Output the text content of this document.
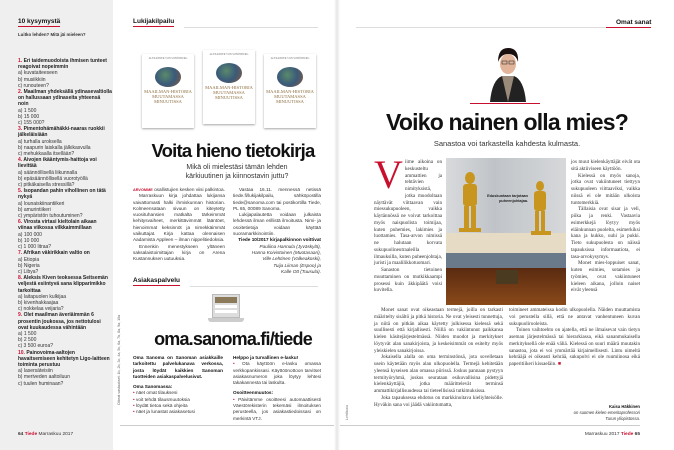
10 kysymystä
Luitko lehden? Mitä jäi mieleen?
1. Eri taidemuodoista ihmisen tunteet reagoivat nopeimmin
a) kuvataiteeseen
b) musiikkiin
c) runouteen?
2. Maailman yhdeksällä ydinasevaltiolla on hallussaan ydinaseita yhteensä noin
a) 1 500
b) 15 000
c) 155 000?
3. Pimentohämähäkki-naaras ruokkii jälkeläisiään
a) turhalla uroksella
b) naapurin laiskalla jälkikasvulla
c) mehukkaalla itsellään?
4. Aivojen ikääntymis-haittoja voi lievittää
a) säännöllisellä liikunnalla
b) epäsäännöllisellä vuorotyöllä
c) pitkäkaisella stressillä?
5. Isopandan pahin vihollinen on tätä nykyä
a) lounaiskiinantiikeri
b) amurintiikeri
c) ympäristön tuhoutuminen?
6. Virosta virtasi kieltolain aikaan viinaa viikossa vilkkaimmillaan
a) 100 000
b) 10 000
c) 1 000 litraa?
7. Afrikan väkirikkain valtio on
a) Etiopia
b) Nigeria
c) Libya?
8. Aleksis Kiven teoksessa Seitsemän veljestä esiintyvä sana klipparimikko tarkoittaa
a) laitapuolen kulkijaa
b) kivenhakkaajaa
c) nokkelaa veijaria?
9. Olet maailman äveriäimmän 6 prosentin joukossa, jos nettotulosi ovat kuukaudessa vähintään
a) 1 500
b) 2 500
c) 3 500 euroa?
10. Painovoima-aaltojen havaitsemiseen kehitetyn Ligo-laitteen toiminta perustuu
a) lasersäteisiin
b) meriveden aaltoiluun
c) tuulen huminaan?	Oikeat vastaukset: 1b, 2b, 3c, 4a, 5c, 6a, 7b, 8a, 9a, 10a
64 Tiede Marraskuu 2017
Lukijakilpailu
ALEXANDER VON SCHÖNBURG
MAAILMAN-HISTORIA MUUTAMASSA MINUUTISSA
ALEXANDER VON SCHÖNBURG
MAAILMAN-HISTORIA MUUTAMASSA MINUUTISSA
ALEXANDER VON SCHÖNBURG
MAAILMAN-HISTORIA MUUTAMASSA MINUUTISSA
Voita hieno tietokirja
Mikä oli mielestäsi tämän lehden kärkiuutinen ja kiinnostavin juttu?

ARVOMME osallistujien kesken viisi palkintoa.

Marraskuun kirja johdattaa lukijansa vaivattomasti halki ihmiskunnan historian. Kolmeensataan sivuun on kiteytetty vuosituhansien matkalta tärkeimmät kehitysvaiheet, merkittävimmät lääntöet, hienoimmat keksinnöt ja nimekkäimmät vaikuttajat. Kirja kattaa olennaisen Aadamista Appleen – ilman nippelitiedoksia.

Ennenkin menestykseen yltäneen saksalaistoimittajan kirja on Arena Kustannuksen uutuuksia.

Vastaa 16.11. mennessä netissä tiede.fi/lukijakilpailu, sähköpostilla tiede@sanoma.com tai postikortilla Tiede, PL 65, 00089 Sanoma.

Lukijapalautetta voidaan julkaista lehdessä ilman erillistä ilmoitusta. Nimi- ja osoitetietoja voidaan käyttää suoramarkkinointiin.

Tiede 10/2017 kirjapalkinnon voittivat

Pauliina Hannula (Jyväskylä),
Hanna Koivistoinen (Muotasaari),
Ville Lehtinen (Valkeakoski),
Tuija Liiman (Espoo) ja
Kalle Ott (Tuusula).
Asiakaspalvelu
oma.sanoma.fi/tiede

Oma Sanoma on Sanoman asiakkaille tarkoitettu palvelukanava verkossa, josta löydät kaikkien Sanoman tuotteiden asiakaspalvelusivut.

Oma Sanomassa:

• näet omat tilauksesi
• voit tehdä tilausmuutoksia
• löydät tietoa sekä ohjeita
• näet ja lunastat asiakasetusi

Helppo ja turvallinen e-lasku!

• Ota käyttöön e-lasku omassa verkkopankissasi. Käyttöönottoon tarvitset asiakasnumeron joka löytyy lehtesi takakannesta tai laskulta.

Osoitteenmuutos:

• Päivitämme osoitteesi automaattisesti Väestörekisterin tekemäsi ilmoituksen perusteella, jos asiakastiedoissasi on merkintä VTJ.

Omat sanat
Lehtikuva
Voiko nainen olla mies?
Sanastoa voi tarkastella kahdesta kulmasta.
V iime aikoina on keskusteltu ammattien ja tehtävien nimityksistä, jotka muodoltaan näyttävät viittaavan vain miessukupuoleen, vaikka käytännössä ne voivat tarkoittaa myös naispuolista toimijaa, kuten puhemies, lakimies ja luottamies. Tasa-arvon nimissä ne halutaan korvata sukupuolineutraaleilla ilmauksilla, kuten puheenjohtaja, juristi ja maalilikkotuomari.

Sanaston tietoinen muuttaminen on mutkikkaampi prosessi kuin äkkipäätä voisi kuvitella.

Eduskuntaan tarjotaan puheenjohtajaa.

jos muut kielenkäyttäjät eivät ota sitä aktiiviseen käyttöön.

Kielessä on myös sanoja, jotka ovat vakiintuneet tiettyyn sukupuoleen viittaaviksi, vaikka niissä ei ole mitään ulkoista tuntomerkkiä.

Tällaisia ovat sisar ja veli, piika ja renki. Vastaavia esimerkkejä löytyy myös eläinkunnan puolelta, esimerkiksi kana ja kukko, uuhi ja pukki. Tieto sukupuolesta on näissä tapauksissa informaatiota, ei tasa-arvokysymys.

Monet mies-loppuiset sanat, kuten esimies, sotamies ja työmies, ovat vakiintuneet kieleen aikana, jolloin naiset eivät yleensä

Monet sanat ovat oikeastaan termejä, joilla on tarkasti määritelty sisältö ja pitkä historia. Ne ovat yleisesti tunnettuja, ja niitä on pitkän aikaa käytetty julkisessa kielessä sekä suullisesti että kirjallisesti. Niillä on vakiintunut paikkansa kielen käsitejärjestelmässä. Niiden muodot ja merkitykset löytyvät alan sanakirjoista, ja keskeisimmät on esitelty myös yleiskielen sanakirjoissa.

Jokaisella alalla on oma terminstönsä, jota sovelletaan usein käytetään myös alan ulkopuolella. Termejä kehitetään yleensä kyseisen alan omassa piirissä. Joskus pannaan pystyyn termityöryhmä, joskus seurataan esikuvallisina pidettyjä kielenkäyttäjiä, jotka määrittelevät terminsä ammattikirjallisuudessa tai tieteellisissä tutkimuksissa.

Joka tapauksessa ehdotus on markkinoitava kieliyhteisölle. Hyväkin sana voi jäädä vakiintumatta,

toimineet ammateissa kodin ulkopuolella. Näiden muuttamista voi perustella sillä, että ne antavat vanhentuneen kuvan sukupuolirooleista.

Toinen vaihtoehto on ajatella, että ne ilmaisevat vain tietyn aseman järjestelmässä tai hierarkiassa, eikä sananmukaisella merkityksellä ole enää väliä. Kielessä on suuri määrä muutakin sanastoa, jota ei voi ymmärtää kirjaimellisesti. Lintu nimeltä kehrääjä ei oikeasti kehrää, sukupolvi ei ole ruumiinosa eikä paperitiikeri kissaeläin. ■

Kaisa Häkkinen
on suomen kielen emeritaprofessori
Turun yliopistossa.
Marraskuu 2017 Tiede 65
